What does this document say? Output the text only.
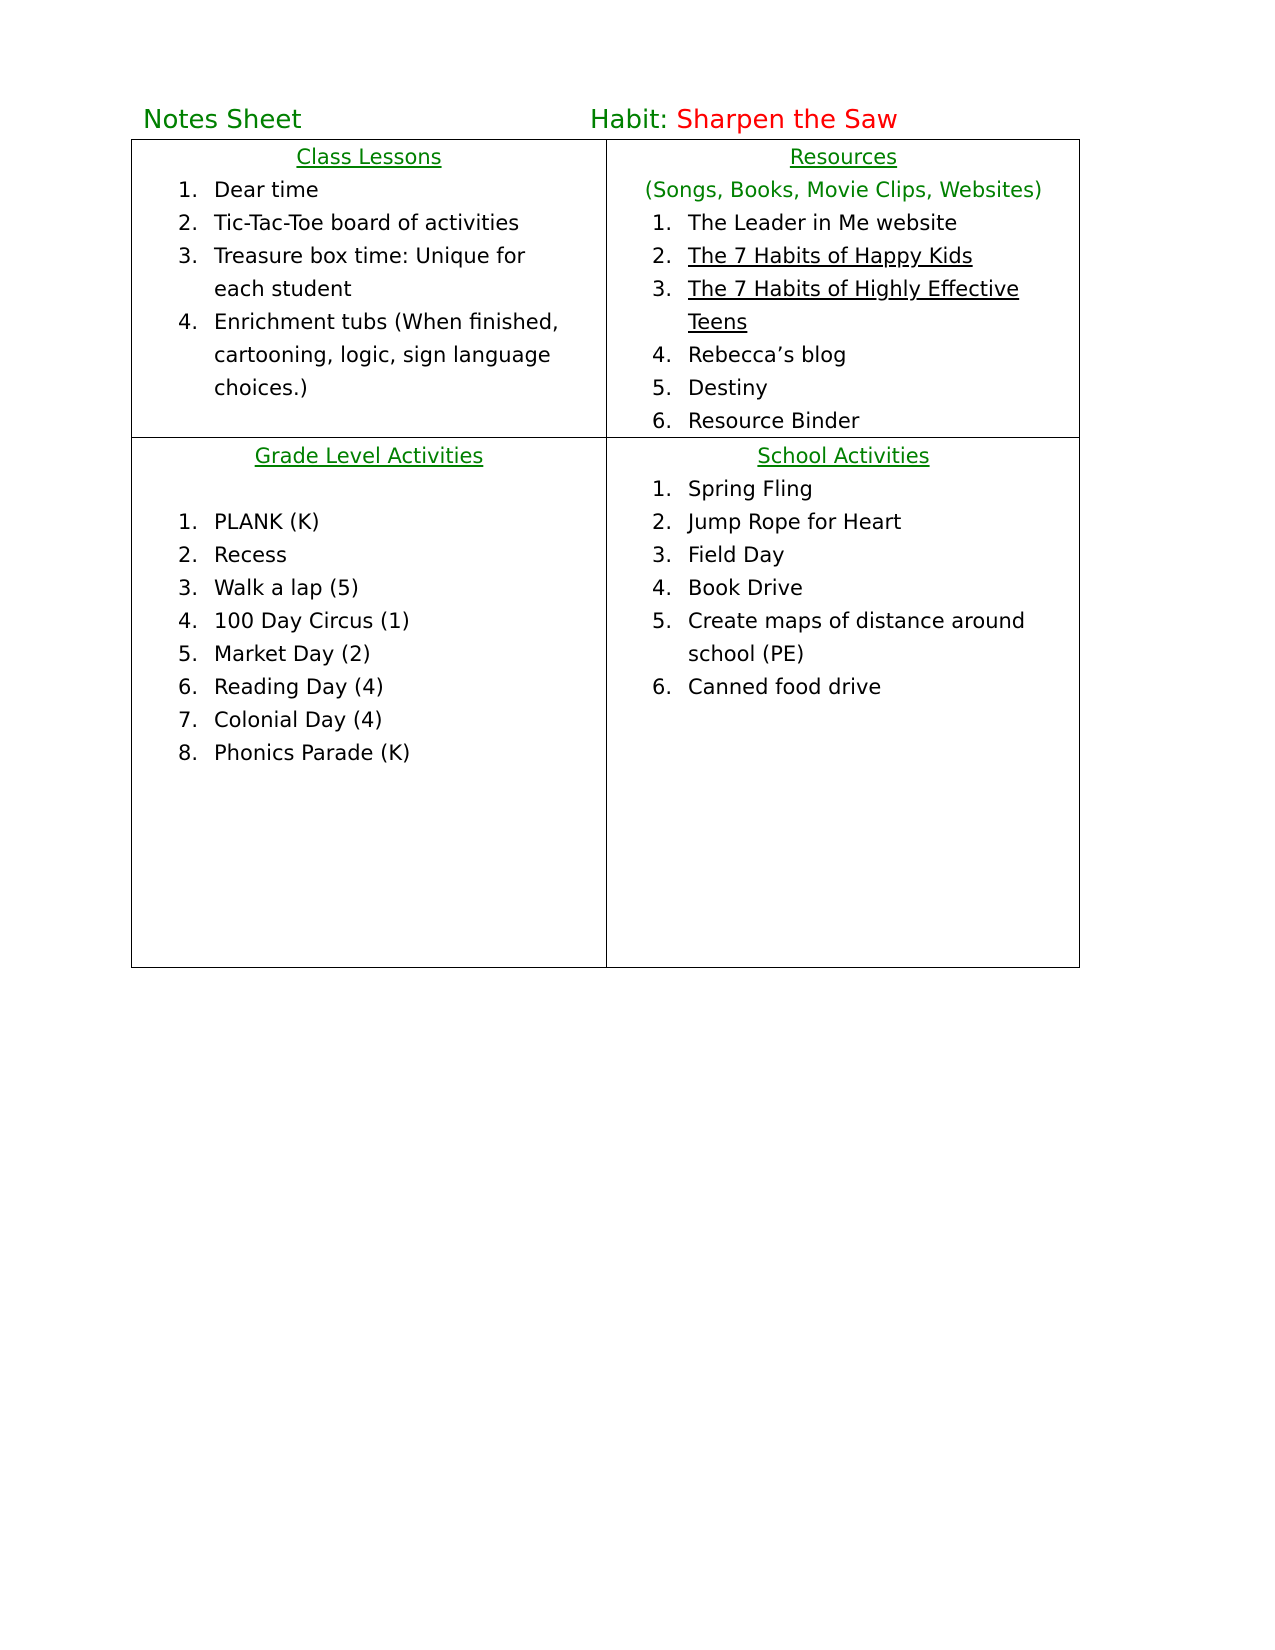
Notes Sheet	Habit: Sharpen the Saw
Class Lessons
1. Dear time
2. Tic-Tac-Toe board of activities
3. Treasure box time: Unique for each student
4. Enrichment tubs (When finished, cartooning, logic, sign language choices.)
Resources
(Songs, Books, Movie Clips, Websites)
1. The Leader in Me website
2. The 7 Habits of Happy Kids
3. The 7 Habits of Highly Effective Teens
4. Rebecca’s blog
5. Destiny
6. Resource Binder
Grade Level Activities
1. PLANK (K)
2. Recess
3. Walk a lap (5)
4. 100 Day Circus (1)
5. Market Day (2)
6. Reading Day (4)
7. Colonial Day (4)
8. Phonics Parade (K)
School Activities
1. Spring Fling
2. Jump Rope for Heart
3. Field Day
4. Book Drive
5. Create maps of distance around school (PE)
6. Canned food drive
